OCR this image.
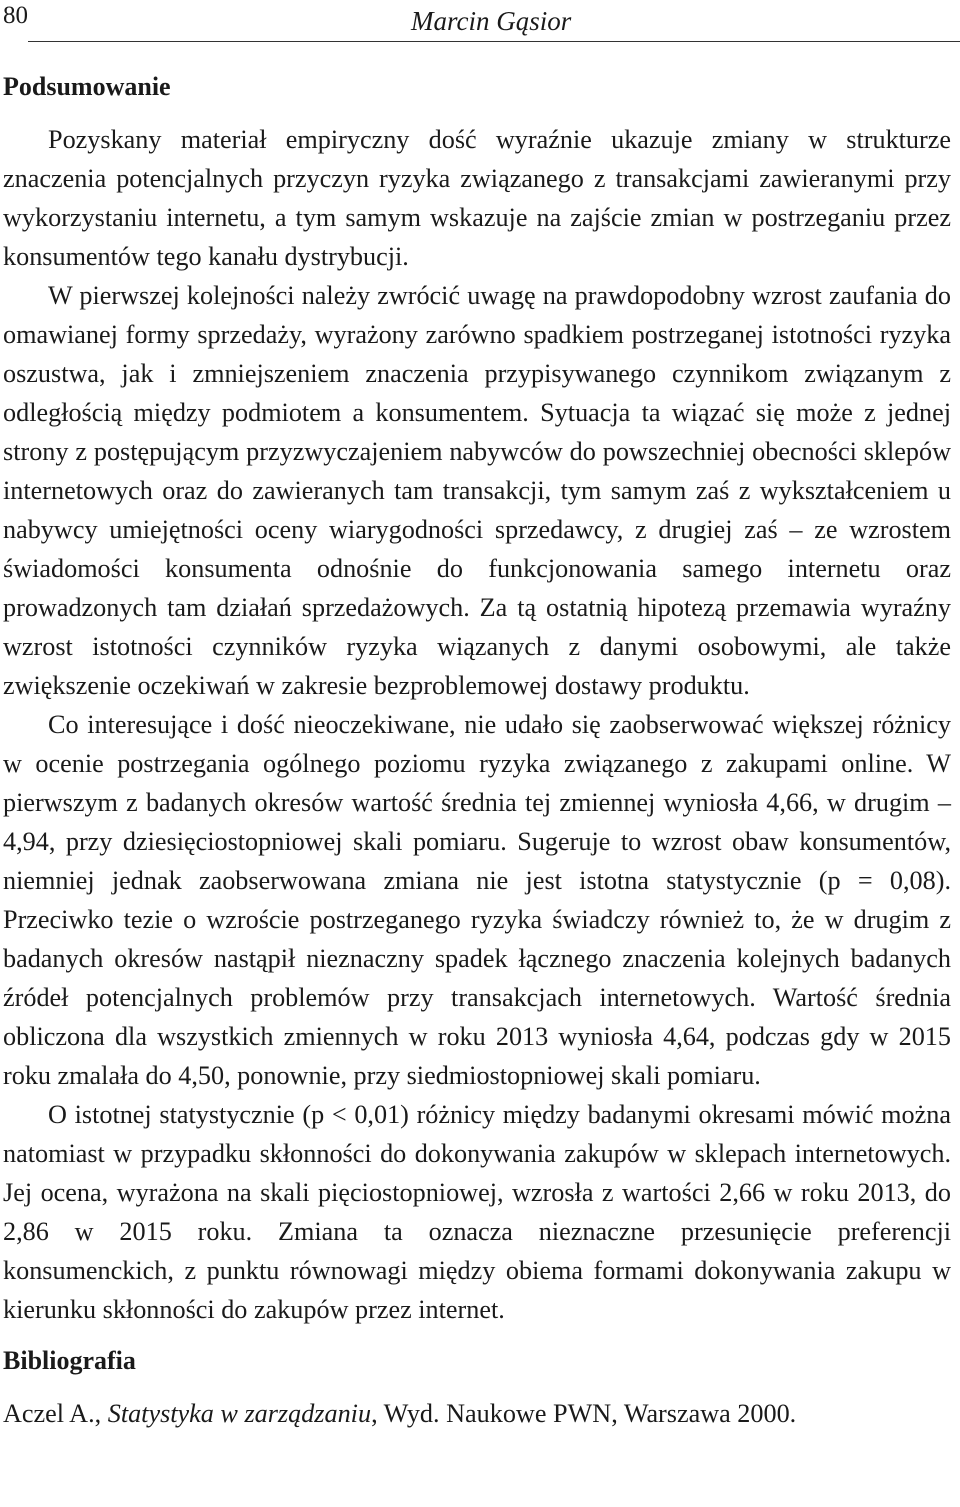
80	Marcin Gąsior
Podsumowanie

Pozyskany materiał empiryczny dość wyraźnie ukazuje zmiany w strukturze znaczenia potencjalnych przyczyn ryzyka związanego z transakcjami zawieranymi przy wykorzystaniu internetu, a tym samym wskazuje na zajście zmian w postrzeganiu przez konsumentów tego kanału dystrybucji.

W pierwszej kolejności należy zwrócić uwagę na prawdopodobny wzrost zaufania do omawianej formy sprzedaży, wyrażony zarówno spadkiem postrzeganej istotności ryzyka oszustwa, jak i zmniejszeniem znaczenia przypisywanego czynnikom związanym z odległością między podmiotem a konsumentem. Sytuacja ta wiązać się może z jednej strony z postępującym przyzwyczajeniem nabywców do powszechniej obecności sklepów internetowych oraz do zawieranych tam transakcji, tym samym zaś z wykształceniem u nabywcy umiejętności oceny wiarygodności sprzedawcy, z drugiej zaś – ze wzrostem świadomości konsumenta odnośnie do funkcjonowania samego internetu oraz prowadzonych tam działań sprzedażowych. Za tą ostatnią hipotezą przemawia wyraźny wzrost istotności czynników ryzyka wiązanych z danymi osobowymi, ale także zwiększenie oczekiwań w zakresie bezproblemowej dostawy produktu.

Co interesujące i dość nieoczekiwane, nie udało się zaobserwować większej różnicy w ocenie postrzegania ogólnego poziomu ryzyka związanego z zakupami online. W pierwszym z badanych okresów wartość średnia tej zmiennej wyniosła 4,66, w drugim – 4,94, przy dziesięciostopniowej skali pomiaru. Sugeruje to wzrost obaw konsumentów, niemniej jednak zaobserwowana zmiana nie jest istotna statystycznie (p = 0,08). Przeciwko tezie o wzroście postrzeganego ryzyka świadczy również to, że w drugim z badanych okresów nastąpił nieznaczny spadek łącznego znaczenia kolejnych badanych źródeł potencjalnych problemów przy transakcjach internetowych. Wartość średnia obliczona dla wszystkich zmiennych w roku 2013 wyniosła 4,64, podczas gdy w 2015 roku zmalała do 4,50, ponownie, przy siedmiostopniowej skali pomiaru.

O istotnej statystycznie (p < 0,01) różnicy między badanymi okresami mówić można natomiast w przypadku skłonności do dokonywania zakupów w sklepach internetowych. Jej ocena, wyrażona na skali pięciostopniowej, wzrosła z wartości 2,66 w roku 2013, do 2,86 w 2015 roku. Zmiana ta oznacza nieznaczne przesunięcie preferencji konsumenckich, z punktu równowagi między obiema formami dokonywania zakupu w kierunku skłonności do zakupów przez internet.

Bibliografia

Aczel A., Statystyka w zarządzaniu, Wyd. Naukowe PWN, Warszawa 2000.
